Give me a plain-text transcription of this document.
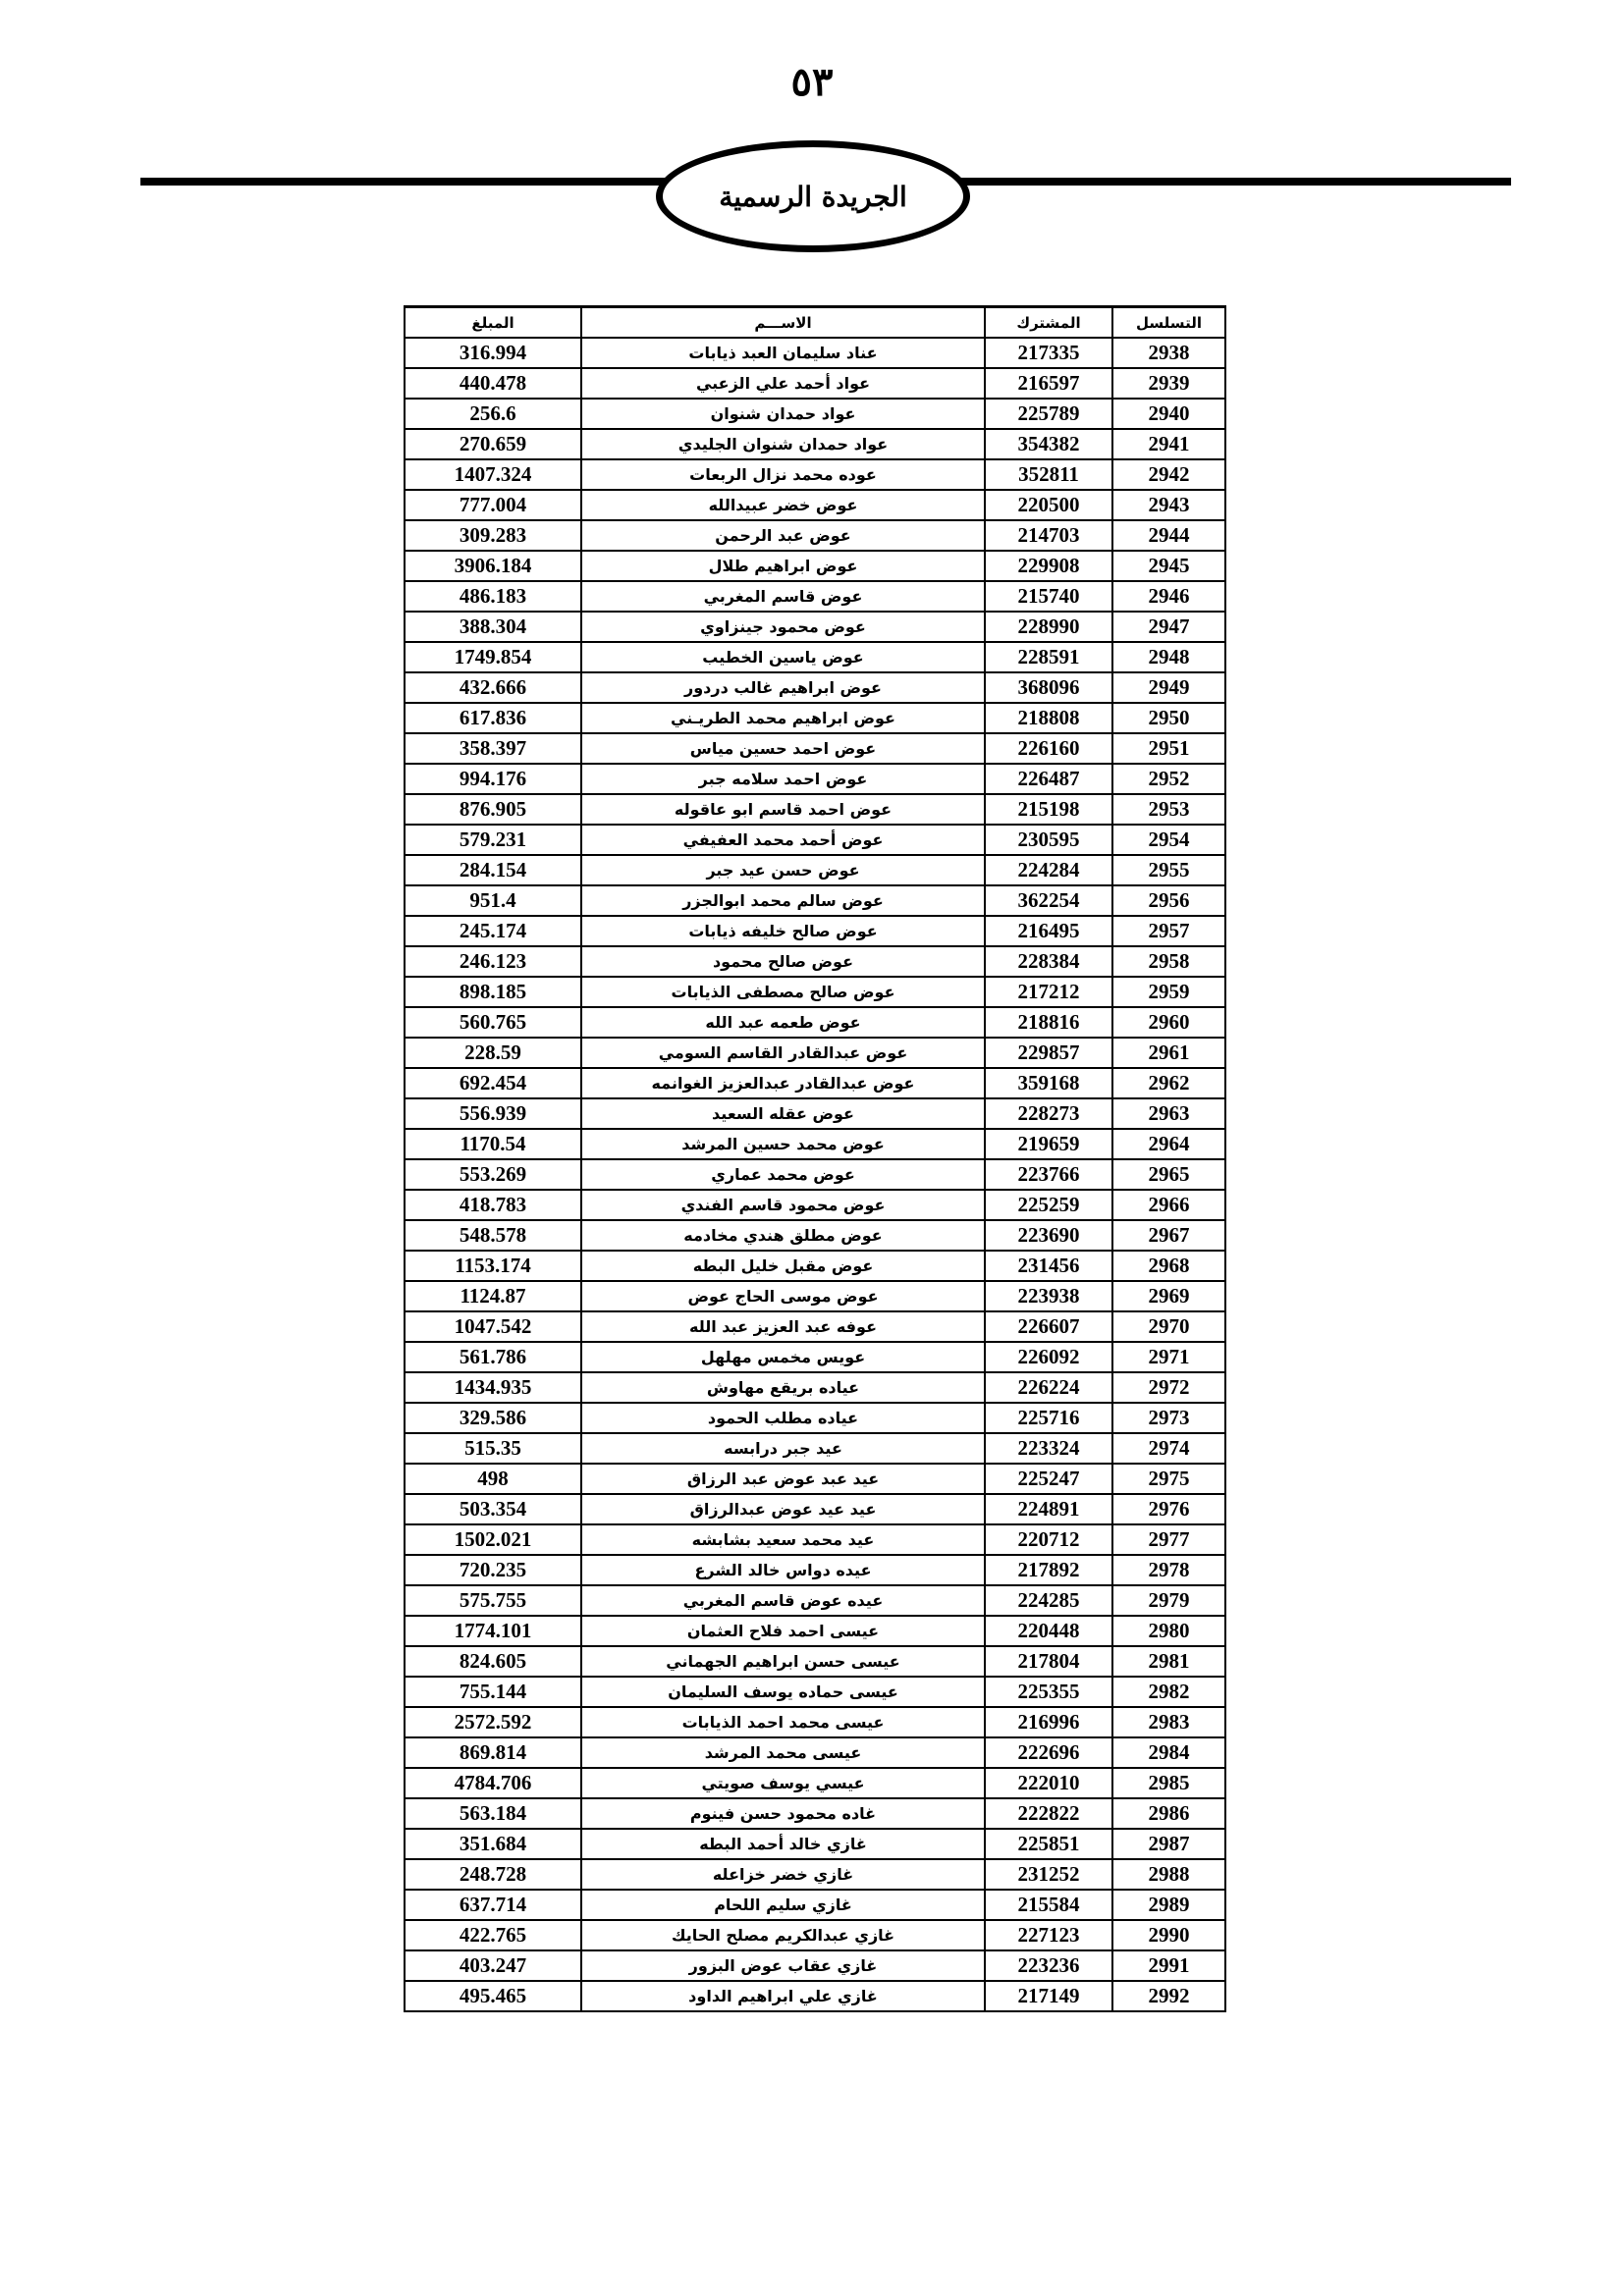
٥٣
الجريدة الرسمية
المبلغ	الاســـم	المشترك	التسلسل
316.994	عناد سليمان العبد ذيابات	217335	2938
440.478	عواد أحمد علي الزعبي	216597	2939
256.6	عواد حمدان شنوان	225789	2940
270.659	عواد حمدان شنوان الجليدي	354382	2941
1407.324	عوده محمد نزال الربعات	352811	2942
777.004	عوض خضر عبيدالله	220500	2943
309.283	عوض عبد الرحمن	214703	2944
3906.184	عوض ابراهيم طلال	229908	2945
486.183	عوض قاسم المغربي	215740	2946
388.304	عوض محمود جينزاوي	228990	2947
1749.854	عوض ياسين الخطيب	228591	2948
432.666	عوض ابراهيم غالب دردور	368096	2949
617.836	عوض ابراهيم محمد الطريـني	218808	2950
358.397	عوض احمد حسين مياس	226160	2951
994.176	عوض احمد سلامه جبر	226487	2952
876.905	عوض احمد قاسم ابو عاقوله	215198	2953
579.231	عوض أحمد محمد العفيفي	230595	2954
284.154	عوض حسن عيد جبر	224284	2955
951.4	عوض سالم محمد ابوالجزر	362254	2956
245.174	عوض صالح خليفه ذيابات	216495	2957
246.123	عوض صالح محمود	228384	2958
898.185	عوض صالح مصطفى الذيابات	217212	2959
560.765	عوض طعمه عبد الله	218816	2960
228.59	عوض عبدالقادر القاسم السومي	229857	2961
692.454	عوض عبدالقادر عبدالعزيز الغوانمه	359168	2962
556.939	عوض عقله السعيد	228273	2963
1170.54	عوض محمد حسين المرشد	219659	2964
553.269	عوض محمد عماري	223766	2965
418.783	عوض محمود قاسم الفندي	225259	2966
548.578	عوض مطلق هندي مخادمه	223690	2967
1153.174	عوض مقبل خليل البطه	231456	2968
1124.87	عوض موسى الحاج عوض	223938	2969
1047.542	عوفه عبد العزيز عبد الله	226607	2970
561.786	عويس مخمس مهلهل	226092	2971
1434.935	عياده بريقع مهاوش	226224	2972
329.586	عياده مطلب الحمود	225716	2973
515.35	عيد جبر درابسه	223324	2974
498	عيد عبد عوض عبد الرزاق	225247	2975
503.354	عيد عيد عوض عبدالرزاق	224891	2976
1502.021	عيد محمد سعيد بشابشه	220712	2977
720.235	عيده دواس خالد الشرع	217892	2978
575.755	عيده عوض قاسم المغربي	224285	2979
1774.101	عيسى احمد فلاح العثمان	220448	2980
824.605	عيسى حسن ابراهيم الجهماني	217804	2981
755.144	عيسى حماده يوسف السليمان	225355	2982
2572.592	عيسى محمد احمد الذيابات	216996	2983
869.814	عيسى محمد المرشد	222696	2984
4784.706	عيسي يوسف صويتي	222010	2985
563.184	غاده محمود حسن فينوم	222822	2986
351.684	غازي خالد أحمد البطه	225851	2987
248.728	غازي خضر خزاعله	231252	2988
637.714	غازي سليم اللحام	215584	2989
422.765	غازي عبدالكريم مصلح الحايك	227123	2990
403.247	غازي عقاب عوض البزور	223236	2991
495.465	غازي علي ابراهيم الداود	217149	2992
